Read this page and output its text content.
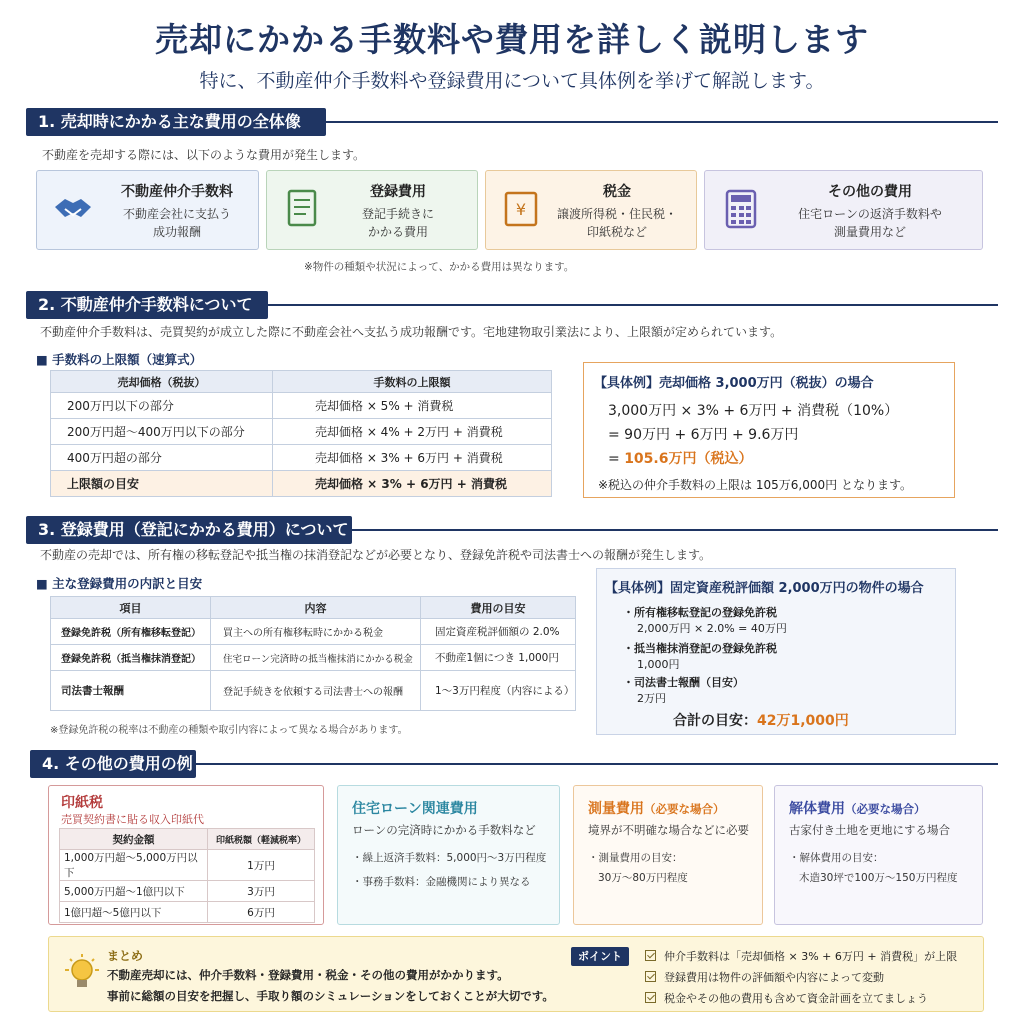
売却にかかる手数料や費用を詳しく説明します
特に、不動産仲介手数料や登録費用について具体例を挙げて解説します。
1. 売却時にかかる主な費用の全体像
不動産を売却する際には、以下のような費用が発生します。
不動産仲介手数料
不動産会社に支払う
成功報酬
登録費用
登記手続きに
かかる費用
¥
税金
譲渡所得税・住民税・
印紙税など
その他の費用
住宅ローンの返済手数料や
測量費用など
※物件の種類や状況によって、かかる費用は異なります。
2. 不動産仲介手数料について
不動産仲介手数料は、売買契約が成立した際に不動産会社へ支払う成功報酬です。宅地建物取引業法により、上限額が定められています。
■ 手数料の上限額（速算式）
売却価格（税抜）	手数料の上限額
200万円以下の部分	売却価格 × 5% + 消費税
200万円超〜400万円以下の部分	売却価格 × 4% + 2万円 + 消費税
400万円超の部分	売却価格 × 3% + 6万円 + 消費税
上限額の目安	売却価格 × 3% + 6万円 + 消費税
【具体例】売却価格 3,000万円（税抜）の場合
3,000万円 × 3% + 6万円 + 消費税（10%）
= 90万円 + 6万円 + 9.6万円
= 105.6万円（税込）
※税込の仲介手数料の上限は 105万6,000円 となります。
3. 登録費用（登記にかかる費用）について
不動産の売却では、所有権の移転登記や抵当権の抹消登記などが必要となり、登録免許税や司法書士への報酬が発生します。
■ 主な登録費用の内訳と目安
項目	内容	費用の目安
登録免許税（所有権移転登記）	買主への所有権移転時にかかる税金	固定資産税評価額の 2.0%
登録免許税（抵当権抹消登記）	住宅ローン完済時の抵当権抹消にかかる税金	不動産1個につき 1,000円
司法書士報酬	登記手続きを依頼する司法書士への報酬	1〜3万円程度（内容による）
※登録免許税の税率は不動産の種類や取引内容によって異なる場合があります。
【具体例】固定資産税評価額 2,000万円の物件の場合
・所有権移転登記の登録免許税
2,000万円 × 2.0% = 40万円
・抵当権抹消登記の登録免許税
1,000円
・司法書士報酬（目安）
2万円
合計の目安：42万1,000円
4. その他の費用の例
印紙税
売買契約書に貼る収入印紙代
契約金額	印紙税額（軽減税率）
1,000万円超〜5,000万円以下	1万円
5,000万円超〜1億円以下	3万円
1億円超〜5億円以下	6万円
住宅ローン関連費用
ローンの完済時にかかる手数料など
・繰上返済手数料：5,000円〜3万円程度
・事務手数料：金融機関により異なる
測量費用（必要な場合）
境界が不明確な場合などに必要
・測量費用の目安：
30万〜80万円程度
解体費用（必要な場合）
古家付き土地を更地にする場合
・解体費用の目安：
木造30坪で100万〜150万円程度
まとめ
不動産売却には、仲介手数料・登録費用・税金・その他の費用がかかります。
事前に総額の目安を把握し、手取り額のシミュレーションをしておくことが大切です。
ポイント	仲介手数料は「売却価格 × 3% + 6万円 + 消費税」が上限
登録費用は物件の評価額や内容によって変動
税金やその他の費用も含めて資金計画を立てましょう
